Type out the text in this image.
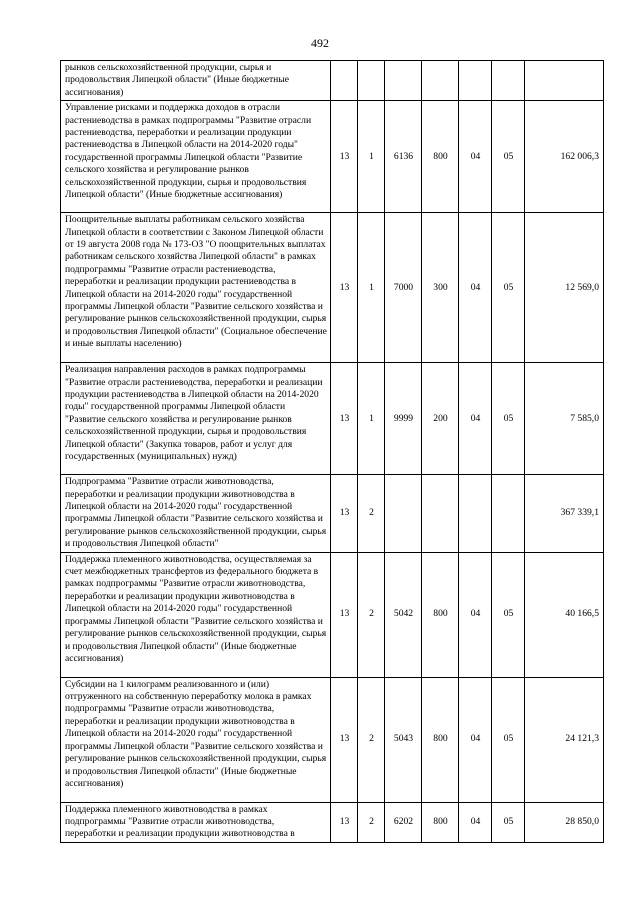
492
рынков сельскохозяйственной продукции, сырья и продовольствия Липецкой области" (Иные бюджетные ассигнования)							
Управление рисками и поддержка доходов в отрасли растениеводства в рамках подпрограммы "Развитие отрасли растениеводства, переработки и реализации продукции растениеводства в Липецкой области на 2014-2020 годы" государственной программы Липецкой области "Развитие сельского хозяйства и регулирование рынков сельскохозяйственной продукции, сырья и продовольствия Липецкой области" (Иные бюджетные ассигнования)	13	1	6136	800	04	05	162 006,3
Поощрительные выплаты работникам сельского хозяйства Липецкой области в соответствии с Законом Липецкой области от 19 августа 2008 года № 173-ОЗ "О поощрительных выплатах работникам сельского хозяйства Липецкой области" в рамках подпрограммы "Развитие отрасли растениеводства, переработки и реализации продукции растениеводства в Липецкой области на 2014-2020 годы" государственной программы Липецкой области "Развитие сельского хозяйства и регулирование рынков сельскохозяйственной продукции, сырья и продовольствия Липецкой области" (Социальное обеспечение и иные выплаты населению)	13	1	7000	300	04	05	12 569,0
Реализация направления расходов в рамках подпрограммы "Развитие отрасли растениеводства, переработки и реализации продукции растениеводства в Липецкой области на 2014-2020 годы" государственной программы Липецкой области "Развитие сельского хозяйства и регулирование рынков сельскохозяйственной продукции, сырья и продовольствия Липецкой области" (Закупка товаров, работ и услуг для государственных (муниципальных) нужд)	13	1	9999	200	04	05	7 585,0
Подпрограмма "Развитие отрасли животноводства, переработки и реализации продукции животноводства в Липецкой области на 2014-2020 годы" государственной программы Липецкой области "Развитие сельского хозяйства и регулирование рынков сельскохозяйственной продукции, сырья и продовольствия Липецкой области"	13	2					367 339,1
Поддержка племенного животноводства, осуществляемая за счет межбюджетных трансфертов из федерального бюджета в рамках подпрограммы "Развитие отрасли животноводства, переработки и реализации продукции животноводства в Липецкой области на 2014-2020 годы" государственной программы Липецкой области "Развитие сельского хозяйства и регулирование рынков сельскохозяйственной продукции, сырья и продовольствия Липецкой области" (Иные бюджетные ассигнования)	13	2	5042	800	04	05	40 166,5
Субсидии на 1 килограмм реализованного и (или) отгруженного на собственную переработку молока в рамках подпрограммы "Развитие отрасли животноводства, переработки и реализации продукции животноводства в Липецкой области на 2014-2020 годы" государственной программы Липецкой области "Развитие сельского хозяйства и регулирование рынков сельскохозяйственной продукции, сырья и продовольствия Липецкой области" (Иные бюджетные ассигнования)	13	2	5043	800	04	05	24 121,3
Поддержка племенного животноводства в рамках подпрограммы "Развитие отрасли животноводства, переработки и реализации продукции животноводства в	13	2	6202	800	04	05	28 850,0
